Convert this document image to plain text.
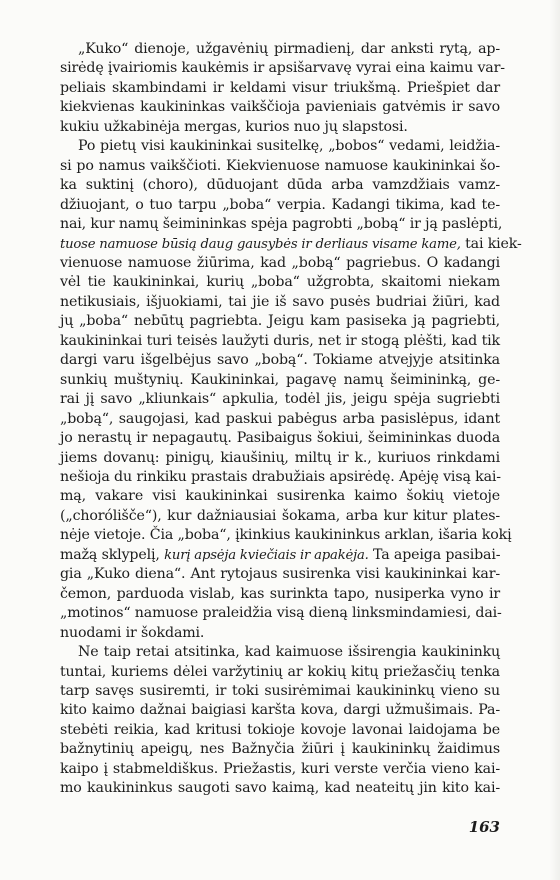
„Kuko“ dienoje, užgavėnių pirmadienį, dar anksti rytą, ap-
sirėdę įvairiomis kaukėmis ir apsišarvavę vyrai eina kaimu var-
peliais skambindami ir keldami visur triukšmą. Priešpiet dar
kiekvienas kaukininkas vaikščioja pavieniais gatvėmis ir savo
kukiu užkabinėja mergas, kurios nuo jų slapstosi.
Po pietų visi kaukininkai susitelkę, „bobos“ vedami, leidžia-
si po namus vaikščioti. Kiekvienuose namuose kaukininkai šo-
ka suktinį (choro), dūduojant dūda arba vamzdžiais vamz-
džiuojant, o tuo tarpu „boba“ verpia. Kadangi tikima, kad te-
nai, kur namų šeimininkas spėja pagrobti „bobą“ ir ją paslėpti,
tuose namuose būsią daug gausybės ir derliaus visame kame, tai kiek-
vienuose namuose žiūrima, kad „bobą“ pagriebus. O kadangi
vėl tie kaukininkai, kurių „boba“ užgrobta, skaitomi niekam
netikusiais, išjuokiami, tai jie iš savo pusės budriai žiūri, kad
jų „boba“ nebūtų pagriebta. Jeigu kam pasiseka ją pagriebti,
kaukininkai turi teisės laužyti duris, net ir stogą plėšti, kad tik
dargi varu išgelbėjus savo „bobą“. Tokiame atvejyje atsitinka
sunkių muštynių. Kaukininkai, pagavę namų šeimininką, ge-
rai jį savo „kliunkais“ apkulia, todėl jis, jeigu spėja sugriebti
„bobą“, saugojasi, kad paskui pabėgus arba pasislėpus, idant
jo nerastų ir nepagautų. Pasibaigus šokiui, šeimininkas duoda
jiems dovanų: pinigų, kiaušinių, miltų ir k., kuriuos rinkdami
nešioja du rinkiku prastais drabužiais apsirėdę. Apėję visą kai-
mą, vakare visi kaukininkai susirenka kaimo šokių vietoje
(„chorólišče“), kur dažniausiai šokama, arba kur kitur plates-
nėje vietoje. Čia „boba“, įkinkius kaukininkus arklan, išaria kokį
mažą sklypelį, kurį apsėja kviečiais ir apakėja. Ta apeiga pasibai-
gia „Kuko diena“. Ant rytojaus susirenka visi kaukininkai kar-
čemon, parduoda vislab, kas surinkta tapo, nusiperka vyno ir
„motinos“ namuose praleidžia visą dieną linksmindamiesi, dai-
nuodami ir šokdami.
Ne taip retai atsitinka, kad kaimuose išsirengia kaukininkų
tuntai, kuriems dėlei varžytinių ar kokių kitų priežasčių tenka
tarp savęs susiremti, ir toki susirėmimai kaukininkų vieno su
kito kaimo dažnai baigiasi karšta kova, dargi užmušimais. Pa-
stebėti reikia, kad kritusi tokioje kovoje lavonai laidojama be
bažnytinių apeigų, nes Bažnyčia žiūri į kaukininkų žaidimus
kaipo į stabmeldiškus. Priežastis, kuri verste verčia vieno kai-
mo kaukininkus saugoti savo kaimą, kad neateitų jin kito kai-
163
